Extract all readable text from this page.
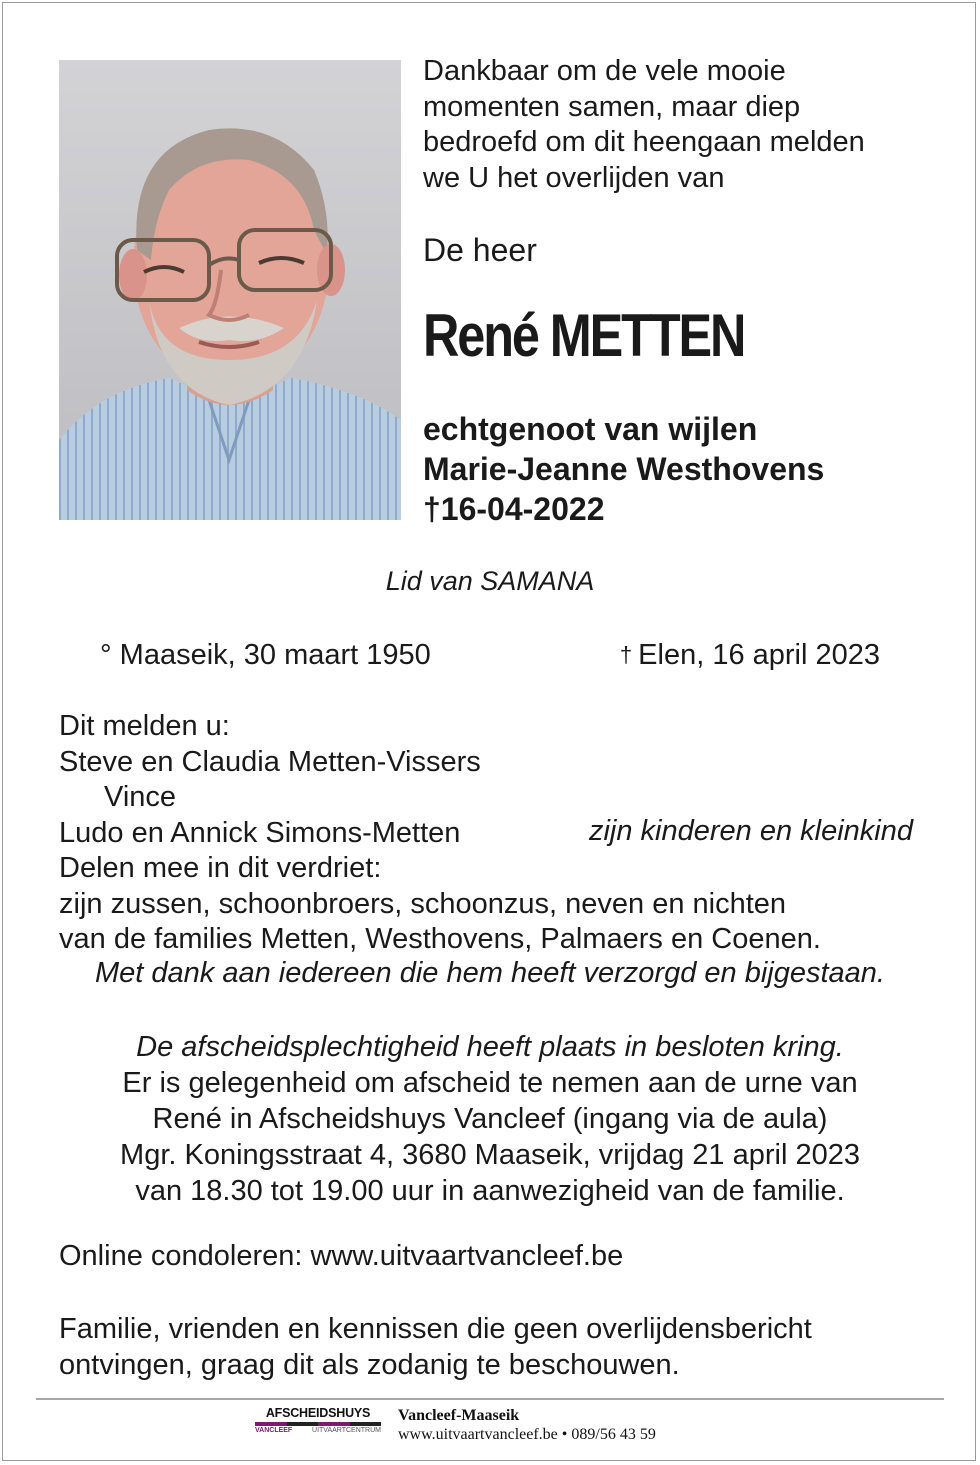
Dankbaar om de vele mooie
momenten samen, maar diep
bedroefd om dit heengaan melden
we U het overlijden van
De heer
René METTEN
echtgenoot van wijlen
Marie-Jeanne Westhovens
†16-04-2022
Lid van SAMANA
° Maaseik, 30 maart 1950	† Elen, 16 april 2023
Dit melden u:
Steve en Claudia Metten-Vissers
Vince
Ludo en Annick Simons-Metten
Delen mee in dit verdriet:
zijn zussen, schoonbroers, schoonzus, neven en nichten
van de families Metten, Westhovens, Palmaers en Coenen.
zijn kinderen en kleinkind
Met dank aan iedereen die hem heeft verzorgd en bijgestaan.
De afscheidsplechtigheid heeft plaats in besloten kring.
Er is gelegenheid om afscheid te nemen aan de urne van
René in Afscheidshuys Vancleef (ingang via de aula)
Mgr. Koningsstraat 4, 3680 Maaseik, vrijdag 21 april 2023
van 18.30 tot 19.00 uur in aanwezigheid van de familie.
Online condoleren: www.uitvaartvancleef.be
Familie, vrienden en kennissen die geen overlijdensbericht
ontvingen, graag dit als zodanig te beschouwen.
AFSCHEIDSHUYS
VANCLEEF	UITVAARTCENTRUM
Vancleef-Maaseik
www.uitvaartvancleef.be • 089/56 43 59
